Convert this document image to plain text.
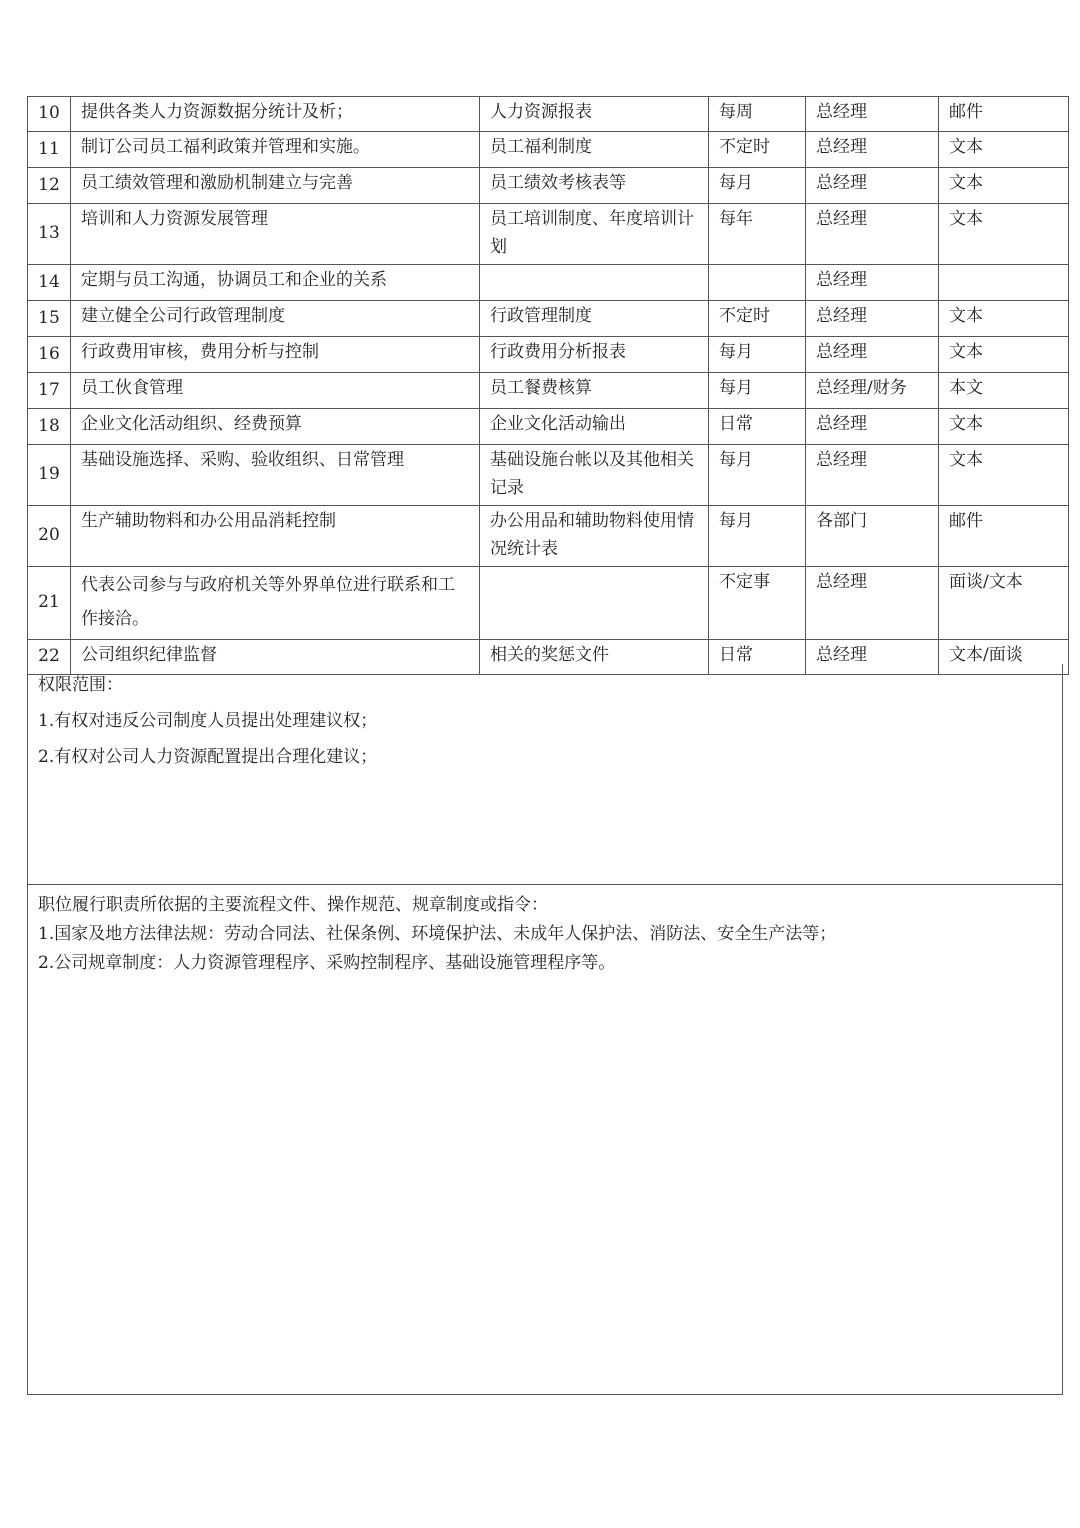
10	提供各类人力资源数据分统计及析；	人力资源报表	每周	总经理	邮件
11	制订公司员工福利政策并管理和实施。	员工福利制度	不定时	总经理	文本
12	员工绩效管理和激励机制建立与完善	员工绩效考核表等	每月	总经理	文本
13	培训和人力资源发展管理	员工培训制度、年度培训计划	每年	总经理	文本
14	定期与员工沟通，协调员工和企业的关系			总经理	
15	建立健全公司行政管理制度	行政管理制度	不定时	总经理	文本
16	行政费用审核，费用分析与控制	行政费用分析报表	每月	总经理	文本
17	员工伙食管理	员工餐费核算	每月	总经理/财务	本文
18	企业文化活动组织、经费预算	企业文化活动输出	日常	总经理	文本
19	基础设施选择、采购、验收组织、日常管理	基础设施台帐以及其他相关记录	每月	总经理	文本
20	生产辅助物料和办公用品消耗控制	办公用品和辅助物料使用情况统计表	每月	各部门	邮件
21	代表公司参与与政府机关等外界单位进行联系和工作接洽。		不定事	总经理	面谈/文本
22	公司组织纪律监督	相关的奖惩文件	日常	总经理	文本/面谈

权限范围：

1.有权对违反公司制度人员提出处理建议权；

2.有权对公司人力资源配置提出合理化建议；

职位履行职责所依据的主要流程文件、操作规范、规章制度或指令：

1.国家及地方法律法规：劳动合同法、社保条例、环境保护法、未成年人保护法、消防法、安全生产法等；

2.公司规章制度：人力资源管理程序、采购控制程序、基础设施管理程序等。
